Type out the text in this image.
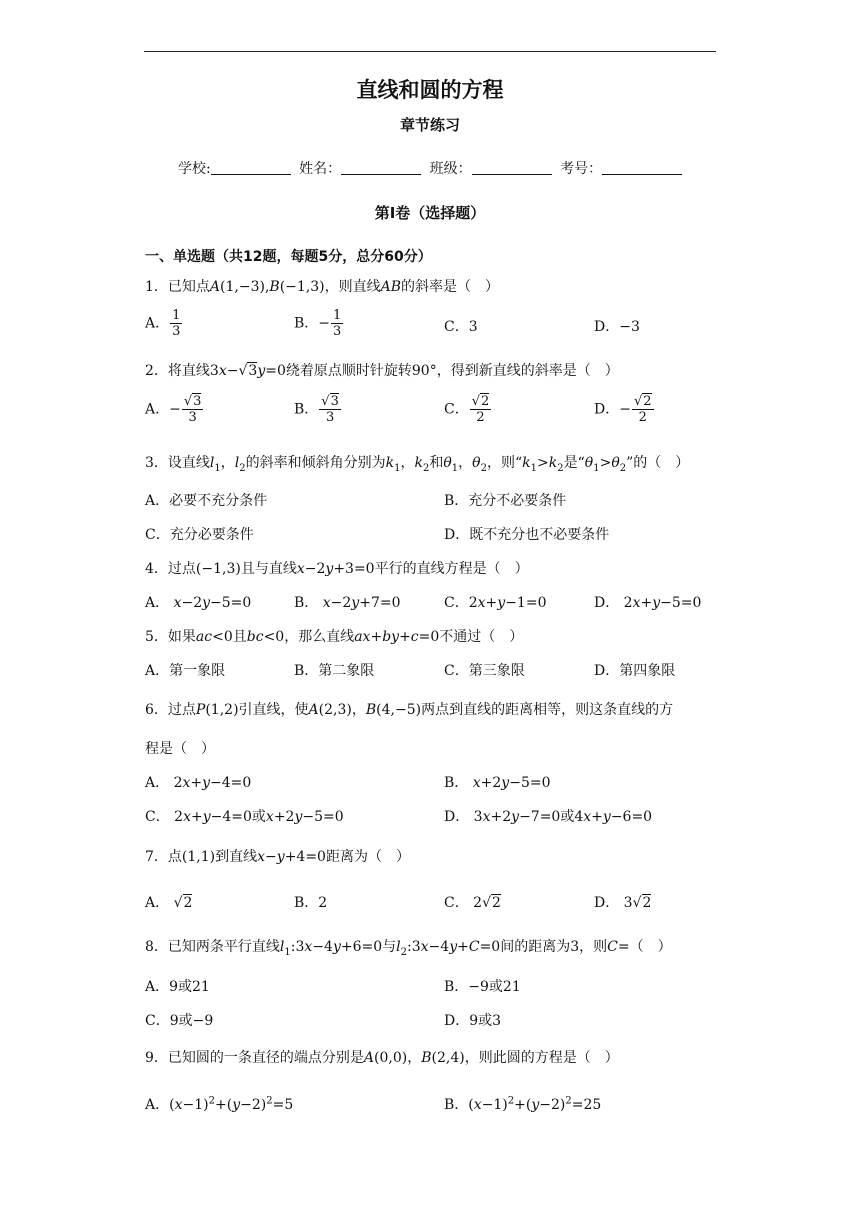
直线和圆的方程
章节练习
学校:	姓名：	班级：	考号：
第I卷（选择题）
一、单选题（共12题，每题5分，总分60分）
1．已知点A(1,−3),B(−1,3)，则直线AB的斜率是（　）
A． $\frac{1}{3}$	B．− $\frac{1}{3}$	C．3	D．−3
2．将直线3x−√3y=0绕着原点顺时针旋转90°，得到新直线的斜率是（　）
A．− $\frac{√3}{3}$	B． $\frac{√3}{3}$	C． $\frac{√2}{2}$	D．− $\frac{√2}{2}$
3．设直线$l_1$，$l_2$的斜率和倾斜角分别为$k_1$，$k_2$和$\theta_1$，$\theta_2$，则“$k_1>k_2$是“$\theta_1>\theta_2$”的（　）
A．必要不充分条件	B．充分不必要条件
C．充分必要条件	D．既不充分也不必要条件
4．过点(−1,3)且与直线x−2y+3=0平行的直线方程是（　）
A． x−2y−5=0	B． x−2y+7=0	C．2x+y−1=0	D． 2x+y−5=0
5．如果ac<0且bc<0，那么直线ax+by+c=0不通过（　）
A．第一象限	B．第二象限	C．第三象限	D．第四象限
6．过点P(1,2)引直线，使A(2,3)，B(4,−5)两点到直线的距离相等，则这条直线的方
程是（　）
A． 2x+y−4=0	B． x+2y−5=0
C． 2x+y−4=0或x+2y−5=0	D． 3x+2y−7=0或4x+y−6=0
7．点(1,1)到直线x−y+4=0距离为（　）
A． √2	B．2	C． 2√2	D． 3√2
8．已知两条平行直线$l_1:3x-4y+6=0$与$l_2:3x-4y+C=0$间的距离为3，则C=（　）
A．9或21	B．−9或21
C．9或−9	D．9或3
9．已知圆的一条直径的端点分别是A(0,0)，B(2,4)，则此圆的方程是（　）
A．$(x-1)^2+(y-2)^2=5$	B．$(x-1)^2+(y-2)^2=25$
